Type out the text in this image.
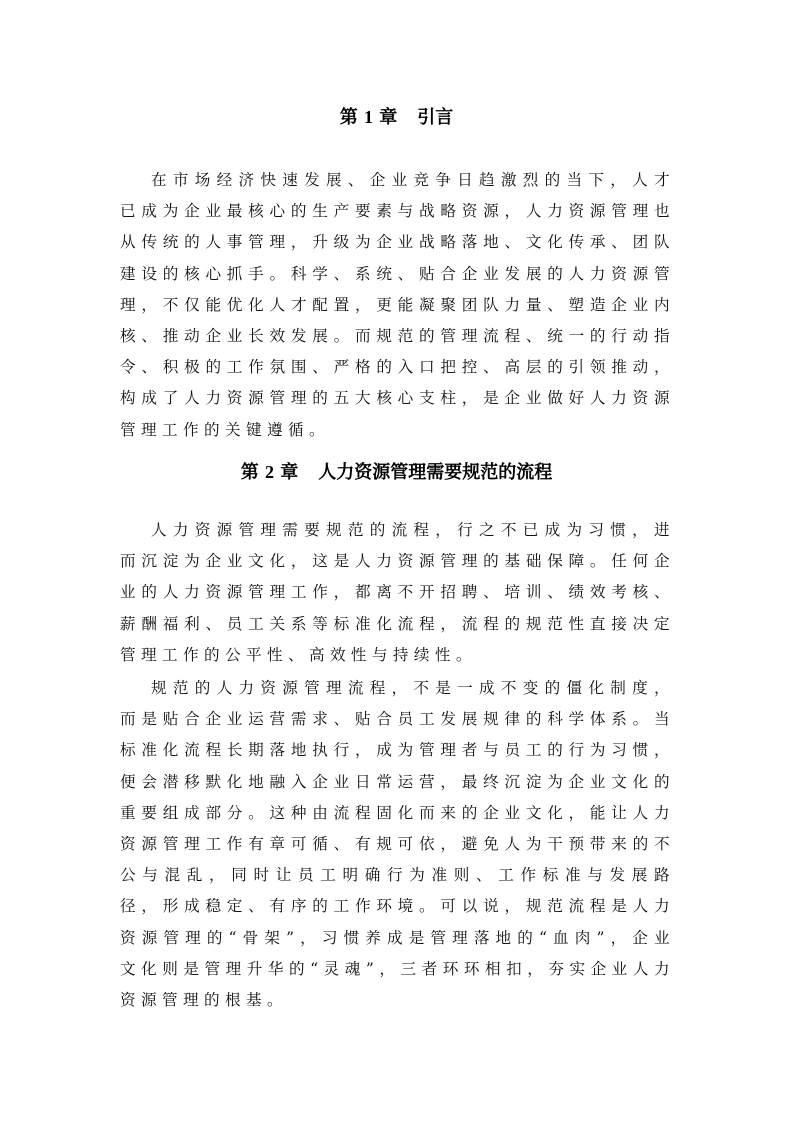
第 1 章 引言

在市场经济快速发展、企业竞争日趋激烈的当下，人才已成为企业最核心的生产要素与战略资源，人力资源管理也从传统的人事管理，升级为企业战略落地、文化传承、团队建设的核心抓手。科学、系统、贴合企业发展的人力资源管理，不仅能优化人才配置，更能凝聚团队力量、塑造企业内核、推动企业长效发展。而规范的管理流程、统一的行动指令、积极的工作氛围、严格的入口把控、高层的引领推动，构成了人力资源管理的五大核心支柱，是企业做好人力资源管理工作的关键遵循。

第 2 章 人力资源管理需要规范的流程

人力资源管理需要规范的流程，行之不已成为习惯，进而沉淀为企业文化，这是人力资源管理的基础保障。任何企业的人力资源管理工作，都离不开招聘、培训、绩效考核、薪酬福利、员工关系等标准化流程，流程的规范性直接决定管理工作的公平性、高效性与持续性。

规范的人力资源管理流程，不是一成不变的僵化制度，而是贴合企业运营需求、贴合员工发展规律的科学体系。当标准化流程长期落地执行，成为管理者与员工的行为习惯，便会潜移默化地融入企业日常运营，最终沉淀为企业文化的重要组成部分。这种由流程固化而来的企业文化，能让人力资源管理工作有章可循、有规可依，避免人为干预带来的不公与混乱，同时让员工明确行为准则、工作标准与发展路径，形成稳定、有序的工作环境。可以说，规范流程是人力资源管理的“骨架”，习惯养成是管理落地的“血肉”，企业文化则是管理升华的“灵魂”，三者环环相扣，夯实企业人力资源管理的根基。
